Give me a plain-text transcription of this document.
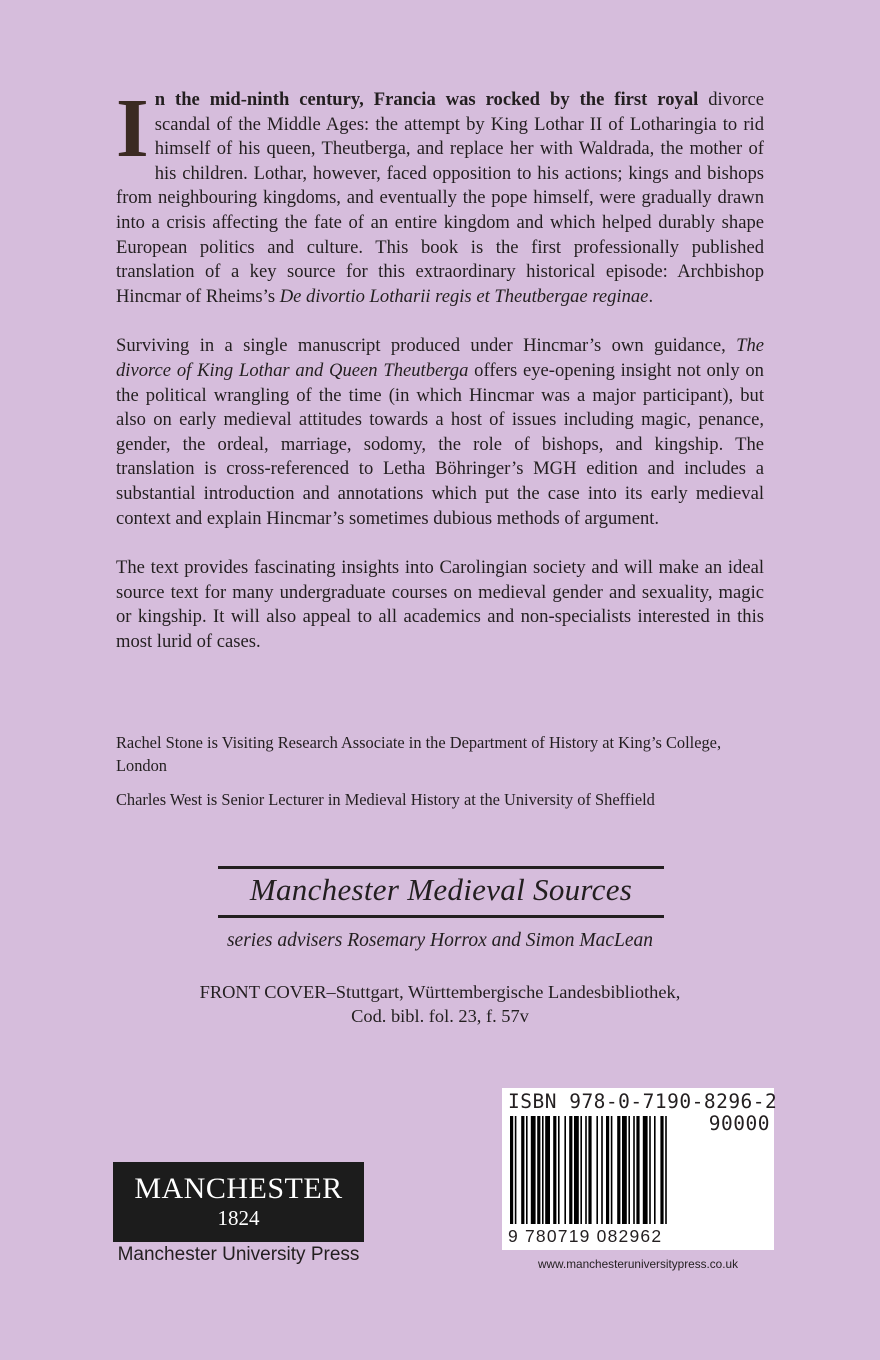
In the mid-ninth century, Francia was rocked by the first royal divorce scandal of the Middle Ages: the attempt by King Lothar II of Lotharingia to rid himself of his queen, Theutberga, and replace her with Waldrada, the mother of his children. Lothar, however, faced opposition to his actions; kings and bishops from neighbouring kingdoms, and eventually the pope himself, were gradually drawn into a crisis affecting the fate of an entire kingdom and which helped durably shape European politics and culture. This book is the first professionally published translation of a key source for this extraordinary historical episode: Archbishop Hincmar of Rheims’s De divortio Lotharii regis et Theutbergae reginae.

Surviving in a single manuscript produced under Hincmar’s own guidance, The divorce of King Lothar and Queen Theutberga offers eye-opening insight not only on the political wrangling of the time (in which Hincmar was a major participant), but also on early medieval attitudes towards a host of issues including magic, penance, gender, the ordeal, marriage, sodomy, the role of bishops, and kingship. The translation is cross-referenced to Letha Böhringer’s MGH edition and includes a substantial introduction and annotations which put the case into its early medieval context and explain Hincmar’s sometimes dubious methods of argument.

The text provides fascinating insights into Carolingian society and will make an ideal source text for many undergraduate courses on medieval gender and sexuality, magic or kingship. It will also appeal to all academics and non-specialists interested in this most lurid of cases.

Rachel Stone is Visiting Research Associate in the Department of History at King’s College, London

Charles West is Senior Lecturer in Medieval History at the University of Sheffield

Manchester Medieval Sources
series advisers Rosemary Horrox and Simon MacLean
FRONT COVER–Stuttgart, Württembergische Landesbibliothek,
Cod. bibl. fol. 23, f. 57v
ISBN 978-0-7190-8296-2
90000
9 780719 082962
MANCHESTER
1824
Manchester University Press	www.manchesteruniversitypress.co.uk
